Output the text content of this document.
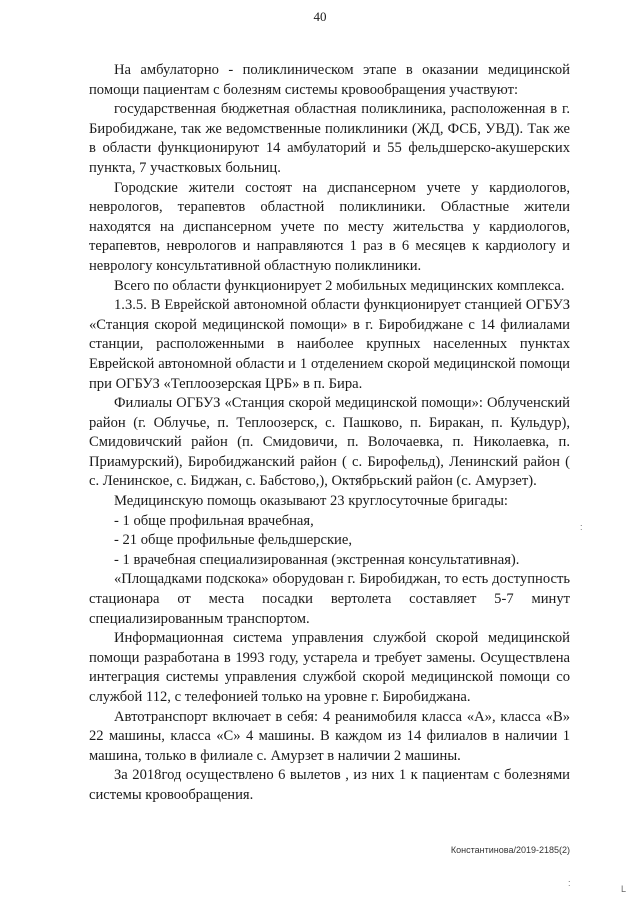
40

На амбулаторно - поликлиническом этапе в оказании медицинской помощи пациентам с болезням системы кровообращения участвуют:

государственная бюджетная областная поликлиника, расположенная в г. Биробиджане, так же ведомственные поликлиники (ЖД, ФСБ, УВД). Так же в области функционируют 14 амбулаторий и 55 фельдшерско-акушерских пункта, 7 участковых больниц.

Городские жители состоят на диспансерном учете у кардиологов, неврологов, терапевтов областной поликлиники. Областные жители находятся на диспансерном учете по месту жительства у кардиологов, терапевтов, неврологов и направляются 1 раз в 6 месяцев к кардиологу и неврологу консультативной областную поликлиники.

Всего по области функционирует 2 мобильных медицинских комплекса.

1.3.5. В Еврейской автономной области функционирует станцией ОГБУЗ «Станция скорой медицинской помощи» в г. Биробиджане с 14 филиалами станции, расположенными в наиболее крупных населенных пунктах Еврейской автономной области и 1 отделением скорой медицинской помощи при ОГБУЗ «Теплоозерская ЦРБ» в п. Бира.

Филиалы ОГБУЗ «Станция скорой медицинской помощи»: Облученский район (г. Облучье, п. Теплоозерск, с. Пашково, п. Биракан, п. Кульдур), Смидовичский район (п. Смидовичи, п. Волочаевка, п. Николаевка, п. Приамурский), Биробиджанский район ( с. Бирофельд), Ленинский район ( с. Ленинское, с. Биджан, с. Бабстово,), Октябрьский район (с. Амурзет).

Медицинскую помощь оказывают 23 круглосуточные бригады:

- 1 обще профильная врачебная,

- 21 обще профильные фельдшерские,

- 1 врачебная специализированная (экстренная консультативная).

«Площадками подскока» оборудован г. Биробиджан, то есть доступность стационара от места посадки вертолета составляет 5-7 минут специализированным транспортом.

Информационная система управления службой скорой медицинской помощи разработана в 1993 году, устарела и требует замены. Осуществлена интеграция системы управления службой скорой медицинской помощи со службой 112, с телефонией только на уровне г. Биробиджана.

Автотранспорт включает в себя: 4 реанимобиля класса «А», класса «В» 22 машины, класса «С» 4 машины. В каждом из 14 филиалов в наличии 1 машина, только в филиале с. Амурзет в наличии 2 машины.

За 2018год осуществлено 6 вылетов , из них 1 к пациентам с болезнями системы кровообращения.

Константинова/2019-2185(2)
:
:
L
